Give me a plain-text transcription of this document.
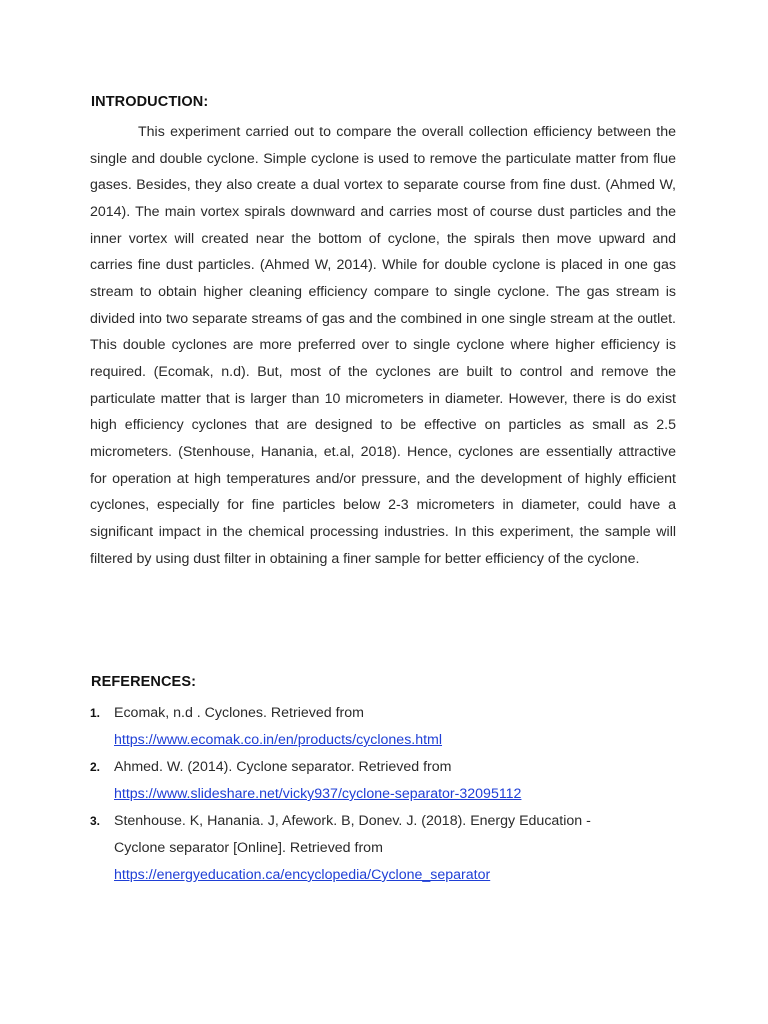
INTRODUCTION:

This experiment carried out to compare the overall collection efficiency between the single and double cyclone. Simple cyclone is used to remove the particulate matter from flue gases. Besides, they also create a dual vortex to separate course from fine dust. (Ahmed W, 2014). The main vortex spirals downward and carries most of course dust particles and the inner vortex will created near the bottom of cyclone, the spirals then move upward and carries fine dust particles. (Ahmed W, 2014). While for double cyclone is placed in one gas stream to obtain higher cleaning efficiency compare to single cyclone. The gas stream is divided into two separate streams of gas and the combined in one single stream at the outlet. This double cyclones are more preferred over to single cyclone where higher efficiency is required. (Ecomak, n.d). But, most of the cyclones are built to control and remove the particulate matter that is larger than 10 micrometers in diameter. However, there is do exist high efficiency cyclones that are designed to be effective on particles as small as 2.5 micrometers. (Stenhouse, Hanania, et.al, 2018). Hence, cyclones are essentially attractive for operation at high temperatures and/or pressure, and the development of highly efficient cyclones, especially for fine particles below 2-3 micrometers in diameter, could have a significant impact in the chemical processing industries. In this experiment, the sample will filtered by using dust filter in obtaining a finer sample for better efficiency of the cyclone.

REFERENCES:
1. Ecomak, n.d . Cyclones. Retrieved from
https://www.ecomak.co.in/en/products/cyclones.html
2. Ahmed. W. (2014). Cyclone separator. Retrieved from
https://www.slideshare.net/vicky937/cyclone-separator-32095112
3. Stenhouse. K, Hanania. J, Afework. B, Donev. J. (2018). Energy Education - Cyclone separator [Online]. Retrieved from
https://energyeducation.ca/encyclopedia/Cyclone_separator
